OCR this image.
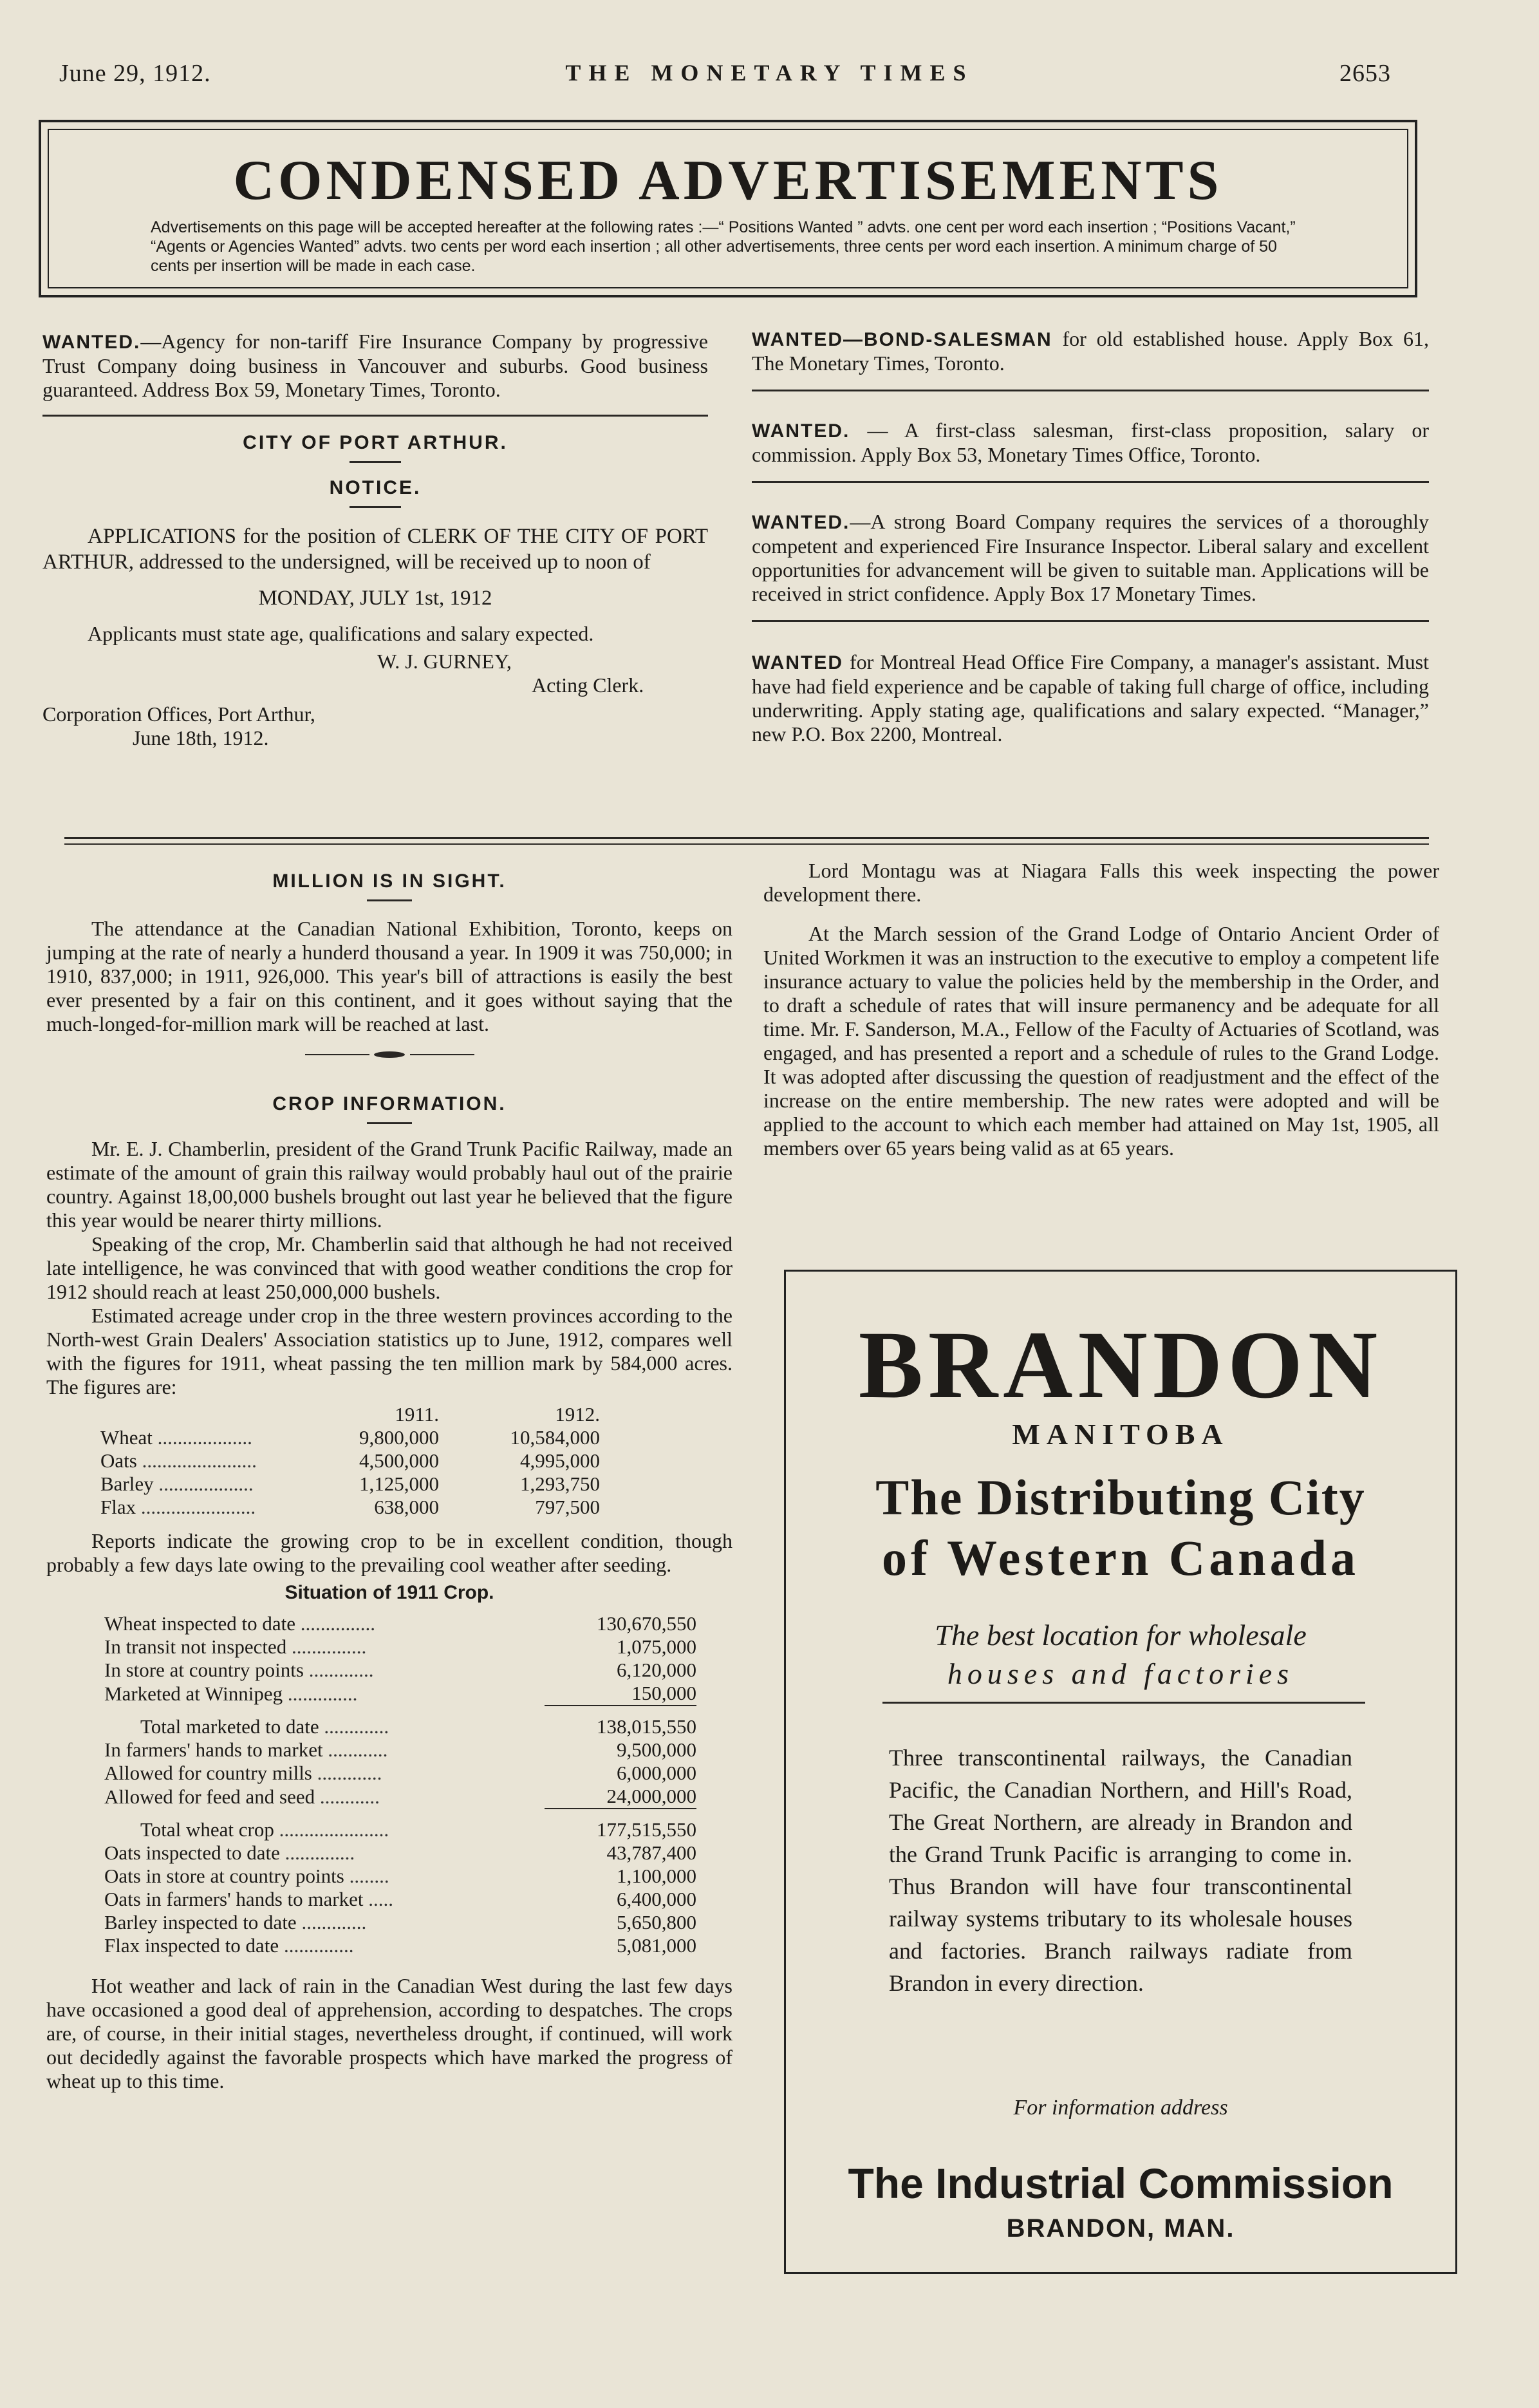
June 29, 1912.	THE MONETARY TIMES	2653
CONDENSED ADVERTISEMENTS
Advertisements on this page will be accepted hereafter at the following rates :—“ Positions Wanted ” advts. one cent per word each insertion ; “Positions Vacant,” “Agents or Agencies Wanted” advts. two cents per word each insertion ; all other advertisements, three cents per word each insertion. A minimum charge of 50 cents per insertion will be made in each case.

WANTED.—Agency for non-tariff Fire Insurance Company by progressive Trust Company doing business in Vancouver and suburbs. Good business guaranteed. Address Box 59, Monetary Times, Toronto.

CITY OF PORT ARTHUR.
NOTICE.

APPLICATIONS for the position of CLERK OF THE CITY OF PORT ARTHUR, addressed to the undersigned, will be received up to noon of

MONDAY, JULY 1st, 1912

Applicants must state age, qualifications and salary expected.

W. J. GURNEY,

Acting Clerk.

Corporation Offices, Port Arthur,

June 18th, 1912.

WANTED—BOND-SALESMAN for old established house. Apply Box 61, The Monetary Times, Toronto.

WANTED. — A first-class salesman, first-class proposition, salary or commission. Apply Box 53, Monetary Times Office, Toronto.

WANTED.—A strong Board Company requires the services of a thoroughly competent and experienced Fire Insurance Inspector. Liberal salary and excellent opportunities for advancement will be given to suitable man. Applications will be received in strict confidence. Apply Box 17 Monetary Times.

WANTED for Montreal Head Office Fire Company, a manager's assistant. Must have had field experience and be capable of taking full charge of office, including underwriting. Apply stating age, qualifications and salary expected. “Manager,” new P.O. Box 2200, Montreal.

MILLION IS IN SIGHT.

The attendance at the Canadian National Exhibition, Toronto, keeps on jumping at the rate of nearly a hunderd thousand a year. In 1909 it was 750,000; in 1910, 837,000; in 1911, 926,000. This year's bill of attractions is easily the best ever presented by a fair on this continent, and it goes without saying that the much-longed-for-million mark will be reached at last.

CROP INFORMATION.

Mr. E. J. Chamberlin, president of the Grand Trunk Pacific Railway, made an estimate of the amount of grain this railway would probably haul out of the prairie country. Against 18,00,000 bushels brought out last year he believed that the figure this year would be nearer thirty millions.

Speaking of the crop, Mr. Chamberlin said that although he had not received late intelligence, he was convinced that with good weather conditions the crop for 1912 should reach at least 250,000,000 bushels.

Estimated acreage under crop in the three western provinces according to the North-west Grain Dealers' Association statistics up to June, 1912, compares well with the figures for 1911, wheat passing the ten million mark by 584,000 acres. The figures are:

	1911.	1912.	
Wheat ...................	9,800,000	10,584,000	
Oats .......................	4,500,000	4,995,000	
Barley ...................	1,125,000	1,293,750	
Flax .......................	638,000	797,500	

Reports indicate the growing crop to be in excellent condition, though probably a few days late owing to the prevailing cool weather after seeding.

Situation of 1911 Crop.
Wheat inspected to date ...............	130,670,550	
In transit not inspected ...............	1,075,000	
In store at country points .............	6,120,000	
Marketed at Winnipeg ..............	150,000	

Total marketed to date .............	138,015,550	
In farmers' hands to market ............	9,500,000	
Allowed for country mills .............	6,000,000	
Allowed for feed and seed ............	24,000,000	

Total wheat crop ......................	177,515,550	
Oats inspected to date ..............	43,787,400	
Oats in store at country points ........	1,100,000	
Oats in farmers' hands to market .....	6,400,000	
Barley inspected to date .............	5,650,800	
Flax inspected to date ..............	5,081,000	

Hot weather and lack of rain in the Canadian West during the last few days have occasioned a good deal of apprehension, according to despatches. The crops are, of course, in their initial stages, nevertheless drought, if continued, will work out decidedly against the favorable prospects which have marked the progress of wheat up to this time.

Lord Montagu was at Niagara Falls this week inspecting the power development there.

At the March session of the Grand Lodge of Ontario Ancient Order of United Workmen it was an instruction to the executive to employ a competent life insurance actuary to value the policies held by the membership in the Order, and to draft a schedule of rates that will insure permanency and be adequate for all time. Mr. F. Sanderson, M.A., Fellow of the Faculty of Actuaries of Scotland, was engaged, and has presented a report and a schedule of rules to the Grand Lodge. It was adopted after discussing the question of readjustment and the effect of the increase on the entire membership. The new rates were adopted and will be applied to the account to which each member had attained on May 1st, 1905, all members over 65 years being valid as at 65 years.

BRANDON
MANITOBA
The Distributing City
of Western Canada
The best location for wholesale
houses and factories
Three transcontinental railways, the Canadian Pacific, the Canadian Northern, and Hill's Road, The Great Northern, are already in Brandon and the Grand Trunk Pacific is arranging to come in. Thus Brandon will have four transcontinental railway systems tributary to its wholesale houses and factories. Branch railways radiate from Brandon in every direction.
For information address
The Industrial Commission
BRANDON, MAN.
